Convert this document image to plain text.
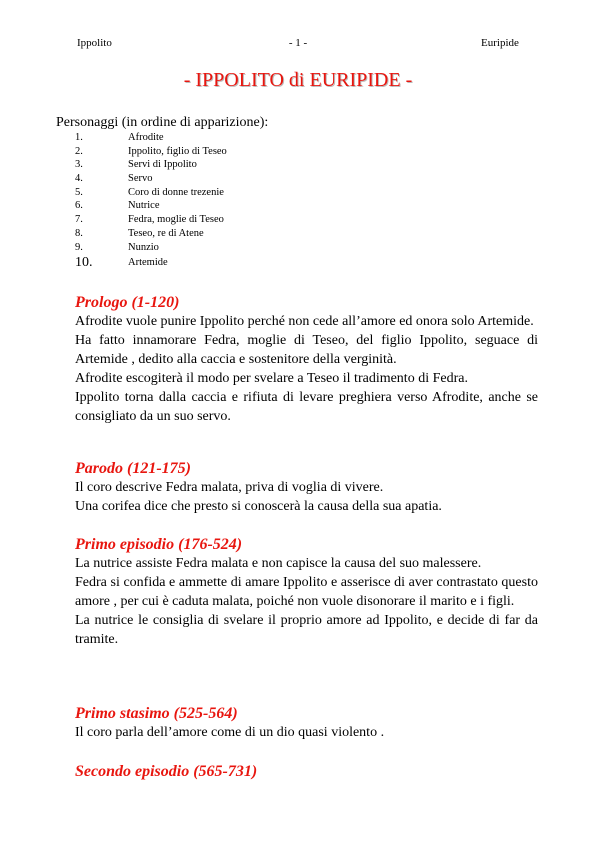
Ippolito	- 1 -	Euripide
- IPPOLITO di EURIPIDE -
Personaggi (in ordine di apparizione):
1.	Afrodite
2.	Ippolito, figlio di Teseo
3.	Servi di Ippolito
4.	Servo
5.	Coro di donne trezenie
6.	Nutrice
7.	Fedra, moglie di Teseo
8.	Teseo, re di Atene
9.	Nunzio
10.	Artemide

Prologo (1-120)

Afrodite vuole punire Ippolito perché non cede all’amore ed onora solo Artemide.

Ha fatto innamorare Fedra, moglie di Teseo, del figlio Ippolito, seguace di Artemide , dedito alla caccia e sostenitore della verginità.

Afrodite escogiterà il modo per svelare a Teseo il tradimento di Fedra.

Ippolito torna dalla caccia e rifiuta di levare preghiera verso Afrodite, anche se consigliato da un suo servo.

Parodo (121-175)

Il coro descrive Fedra malata, priva di voglia di vivere.

Una corifea dice che presto si conoscerà la causa della sua apatia.

Primo episodio (176-524)

La nutrice assiste Fedra malata e non capisce la causa del suo malessere.

Fedra si confida e ammette di amare Ippolito e asserisce di aver contrastato questo amore , per cui è caduta malata, poiché non vuole disonorare il marito e i figli.

La nutrice le consiglia di svelare il proprio amore ad Ippolito, e decide di far da tramite.

Primo stasimo (525-564)

Il coro parla dell’amore come di un dio quasi violento .

Secondo episodio (565-731)
